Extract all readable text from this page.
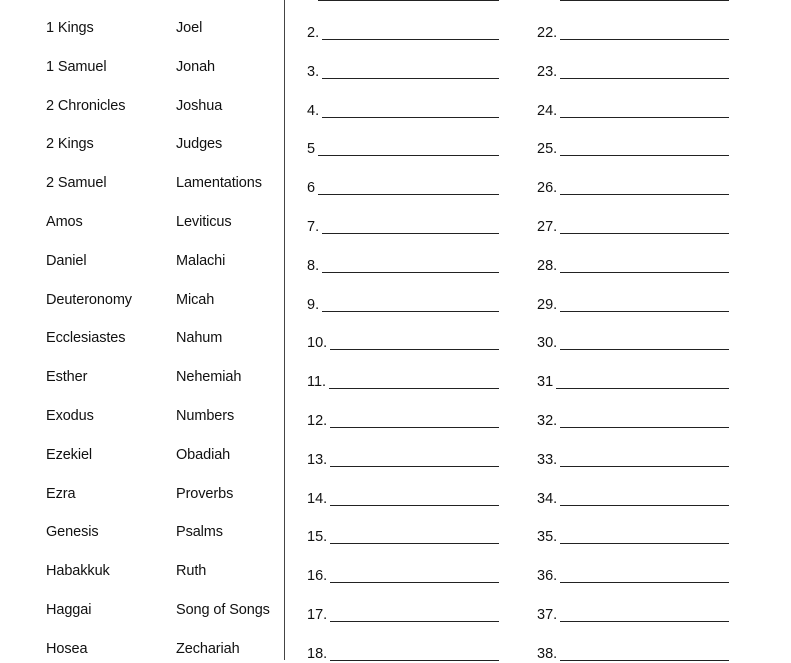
1 Kings
1 Samuel
2 Chronicles
2 Kings
2 Samuel
Amos
Daniel
Deuteronomy
Ecclesiastes
Esther
Exodus
Ezekiel
Ezra
Genesis
Habakkuk
Haggai
Hosea
Joel
Jonah
Joshua
Judges
Lamentations
Leviticus
Malachi
Micah
Nahum
Nehemiah
Numbers
Obadiah
Proverbs
Psalms
Ruth
Song of Songs
Zechariah
2.
3.
4.
5
6
7.
8.
9.
10.
11.
12.
13.
14.
15.
16.
17.
18.
22.
23.
24.
25.
26.
27.
28.
29.
30.
31
32.
33.
34.
35.
36.
37.
38.
